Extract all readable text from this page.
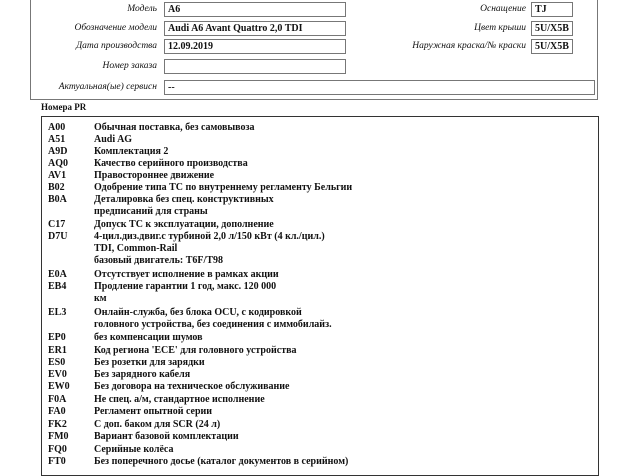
Модель	A6
Обозначение модели	Audi A6 Avant Quattro 2,0 TDI
Дата производства	12.09.2019
Номер заказа
Актуальная(ые) сервисн	--
Оснащение TJ
Цвет крыши 5U/X5B
Наружная краска/№ краски 5U/X5B
Номера PR
A00	Обычная поставка, без самовывоза
A51	Audi AG
A9D	Комплектация 2
AQ0	Качество серийного производства
AV1	Правостороннее движение
B02	Одобрение типа ТС по внутреннему регламенту Бельгии
B0A	Деталировка без спец. конструктивных
предписаний для страны
C17	Допуск ТС к эксплуатации, дополнение
D7U	4-цил.диз.двиг.с турбиной 2,0 л/150 кВт (4 кл./цил.)
TDI, Common-Rail
базовый двигатель: T6F/T98
E0A	Отсутствует исполнение в рамках акции
EB4	Продление гарантии 1 год, макс. 120 000
км
EL3	Онлайн-служба, без блока OCU, с кодировкой
головного устройства, без соединения с иммобилайз.
EP0	без компенсации шумов
ER1	Код региона 'ECE' для головного устройства
ES0	Без розетки для зарядки
EV0	Без зарядного кабеля
EW0 Без договора на техническое обслуживание
F0A	Не спец. а/м, стандартное исполнение
FA0	Регламент опытной серии
FK2	С доп. баком для SCR (24 л)
FM0	Вариант базовой комплектации
FQ0	Серийные колёса
FT0	Без поперечного досье (каталог документов в серийном)
